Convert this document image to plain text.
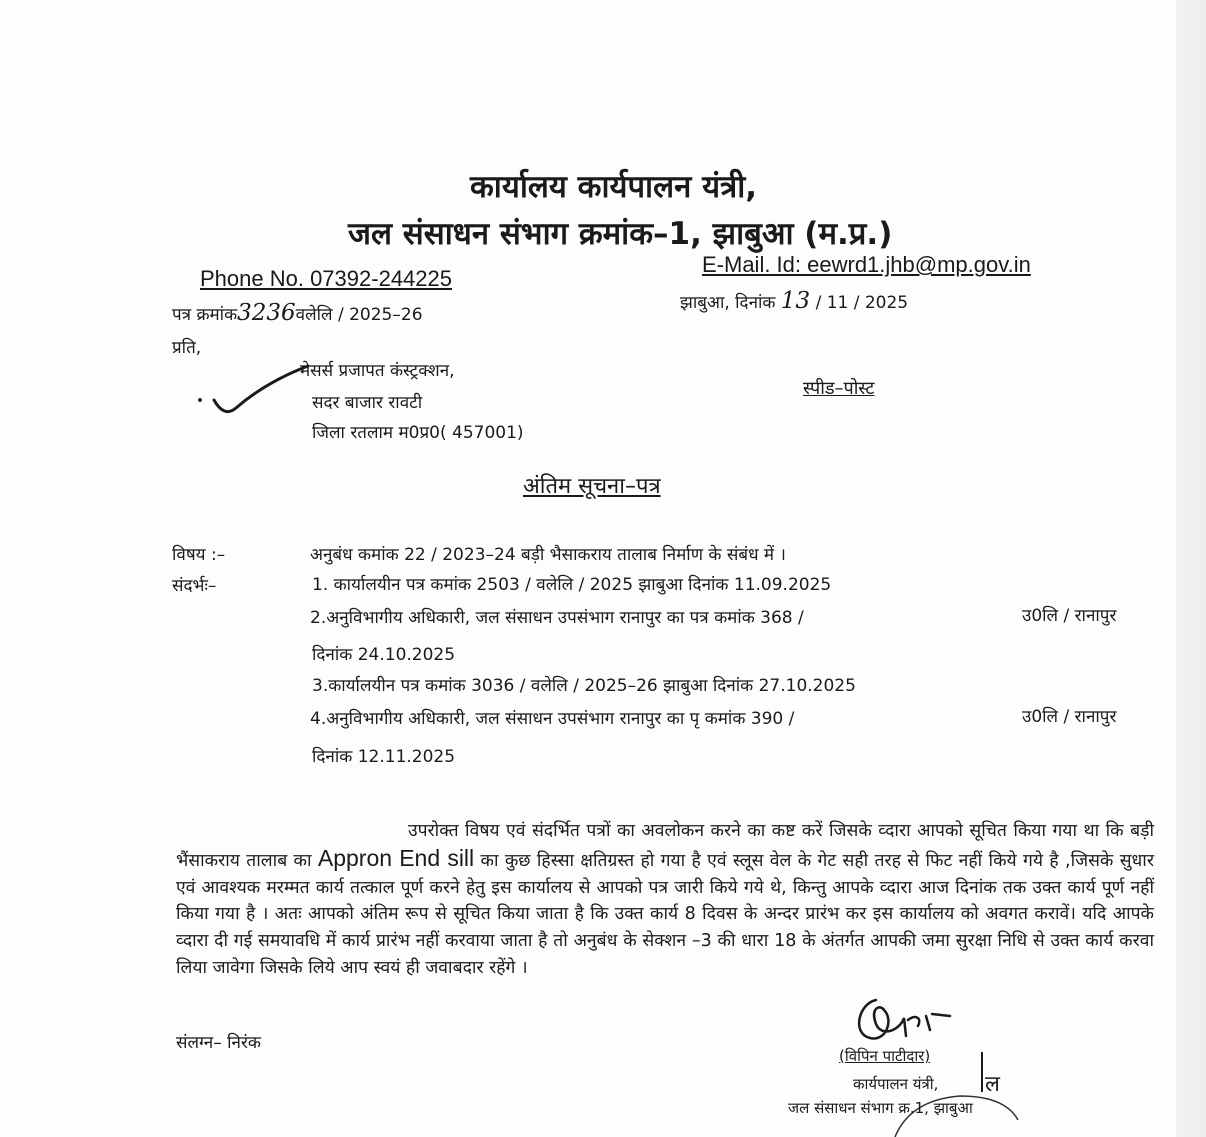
कार्यालय कार्यपालन यंत्री,
जल संसाधन संभाग क्रमांक–1, झाबुआ (म.प्र.)
Phone No. 07392-244225
E-Mail. Id: eewrd1.jhb@mp.gov.in
पत्र क्रमांक3236वलेलि / 2025–26
झाबुआ, दिनांक 13 / 11 / 2025
प्रति,
मेसर्स प्रजापत कंस्ट्रक्शन,
सदर बाजार रावटी
जिला रतलाम म0प्र0( 457001)
स्पीड–पोस्ट
अंतिम सूचना–पत्र
विषय :–	अनुबंध कमांक 22 / 2023–24 बड़ी भैसाकराय तालाब निर्माण के संबंध में ।
संदर्भः–	1. कार्यालयीन पत्र कमांक 2503 / वलेलि / 2025 झाबुआ दिनांक 11.09.2025
2.अनुविभागीय अधिकारी, जल संसाधन उपसंभाग रानापुर का पत्र कमांक 368 /	उ0लि / रानापुर
दिनांक 24.10.2025
3.कार्यालयीन पत्र कमांक 3036 / वलेलि / 2025–26 झाबुआ दिनांक 27.10.2025
4.अनुविभागीय अधिकारी, जल संसाधन उपसंभाग रानापुर का पृ कमांक 390 /	उ0लि / रानापुर
दिनांक 12.11.2025
उपरोक्त विषय एवं संदर्भित पत्रों का अवलोकन करने का कष्ट करें जिसके व्दारा आपको सूचित किया गया था कि बड़ी भैंसाकराय तालाब का Appron End sill का कुछ हिस्सा क्षतिग्रस्त हो गया है एवं स्लूस वेल के गेट सही तरह से फिट नहीं किये गये है ,जिसके सुधार एवं आवश्यक मरम्मत कार्य तत्काल पूर्ण करने हेतु इस कार्यालय से आपको पत्र जारी किये गये थे, किन्तु आपके व्दारा आज दिनांक तक उक्त कार्य पूर्ण नहीं किया गया है । अतः आपको अंतिम रूप से सूचित किया जाता है कि उक्त कार्य 8 दिवस के अन्दर प्रारंभ कर इस कार्यालय को अवगत करावें। यदि आपके व्दारा दी गई समयावधि में कार्य प्रारंभ नहीं करवाया जाता है तो अनुबंध के सेक्शन –3 की धारा 18 के अंतर्गत आपकी जमा सुरक्षा निधि से उक्त कार्य करवा लिया जावेगा जिसके लिये आप स्वयं ही जवाबदार रहेंगे ।
संलग्न– निरंक
(विपिन पाटीदार)
कार्यपालन यंत्री,
जल संसाधन संभाग क्र.1, झाबुआ
ल
